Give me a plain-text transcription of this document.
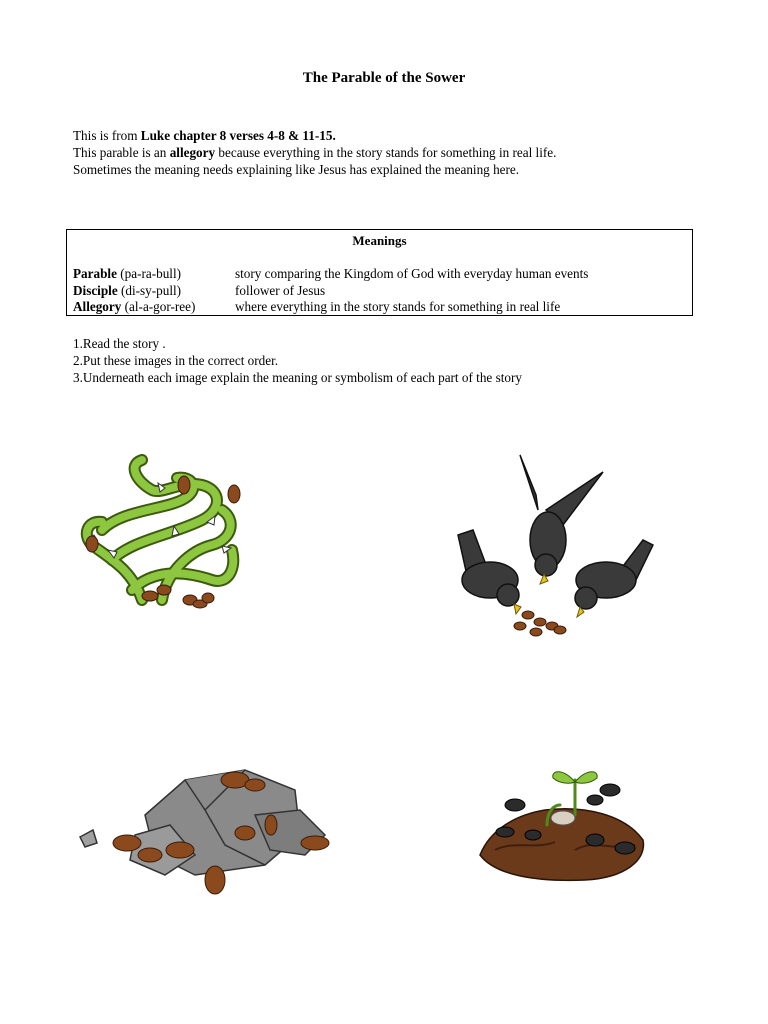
The Parable of the Sower
This is from Luke chapter 8 verses 4-8 & 11-15.
This parable is an allegory because everything in the story stands for something in real life.
Sometimes the meaning needs explaining like Jesus has explained the meaning here.
Meanings
Parable (pa-ra-bull)	story comparing the Kingdom of God with everyday human events
Disciple (di-sy-pull)	follower of Jesus
Allegory (al-a-gor-ree)	where everything in the story stands for something in real life
1.Read the story .
2.Put these images in the correct order.
3.Underneath each image explain the meaning or symbolism of each part of the story
